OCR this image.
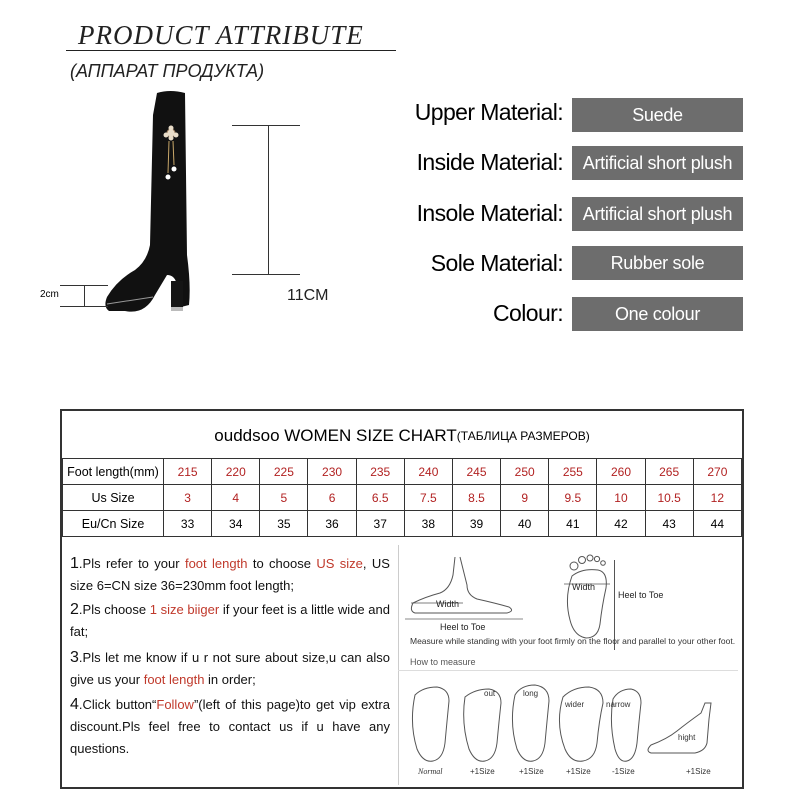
PRODUCT ATTRIBUTE
(АППАРАТ ПРОДУКТА)
11CM
2cm
Upper Material:	Suede
Inside Material:	Artificial short plush
Insole Material:	Artificial short plush
Sole Material:	Rubber sole
Colour:	One colour
ouddsoo WOMEN SIZE CHART (ТАБЛИЦА РАЗМЕРОВ)
Foot length(mm)	215	220	225	230	235	240	245	250	255	260	265	270
Us Size	3	4	5	6	6.5	7.5	8.5	9	9.5	10	10.5	12
Eu/Cn Size	33	34	35	36	37	38	39	40	41	42	43	44
1.Pls refer to your foot length to choose US size, US size 6=CN size 36=230mm foot length;
2.Pls choose 1 size biiger if your feet is a little wide and fat;
3.Pls let me know if u r not sure about size,u can also give us your foot length in order;
4.Click button“Follow”(left of this page)to get vip extra discount.Pls feel free to contact us if u have any questions.
Width
Heel to Toe
Width
Heel to Toe
Measure while standing with your foot firmly on the floor and parallel to your other foot.
How to measure
out	long
wider	narrow
hight
Normal	+1Size	+1Size	+1Size	-1Size	+1Size
